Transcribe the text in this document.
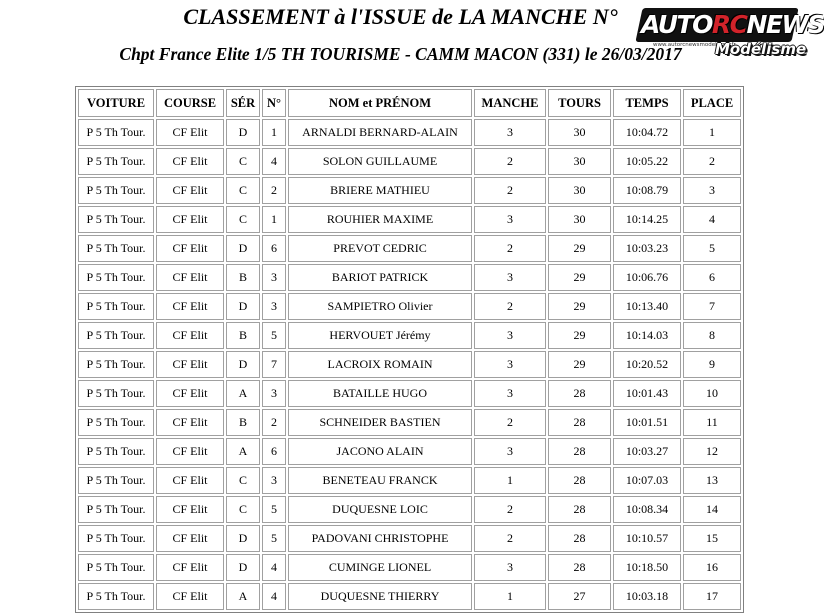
CLASSEMENT à l'ISSUE de LA MANCHE N°
Chpt France Elite 1/5 TH TOURISME - CAMM MACON (331) le 26/03/2017
AUTORCNEWS
www.autorcnewsmodelisme.fr
Modélisme
VOITURE	COURSE	SÉR	N°	NOM et PRÉNOM	MANCHE	TOURS	TEMPS	PLACE
P 5 Th Tour.	CF Elit	D	1	ARNALDI BERNARD-ALAIN	3	30	10:04.72	1
P 5 Th Tour.	CF Elit	C	4	SOLON GUILLAUME	2	30	10:05.22	2
P 5 Th Tour.	CF Elit	C	2	BRIERE MATHIEU	2	30	10:08.79	3
P 5 Th Tour.	CF Elit	C	1	ROUHIER MAXIME	3	30	10:14.25	4
P 5 Th Tour.	CF Elit	D	6	PREVOT CEDRIC	2	29	10:03.23	5
P 5 Th Tour.	CF Elit	B	3	BARIOT PATRICK	3	29	10:06.76	6
P 5 Th Tour.	CF Elit	D	3	SAMPIETRO Olivier	2	29	10:13.40	7
P 5 Th Tour.	CF Elit	B	5	HERVOUET Jérémy	3	29	10:14.03	8
P 5 Th Tour.	CF Elit	D	7	LACROIX ROMAIN	3	29	10:20.52	9
P 5 Th Tour.	CF Elit	A	3	BATAILLE HUGO	3	28	10:01.43	10
P 5 Th Tour.	CF Elit	B	2	SCHNEIDER BASTIEN	2	28	10:01.51	11
P 5 Th Tour.	CF Elit	A	6	JACONO ALAIN	3	28	10:03.27	12
P 5 Th Tour.	CF Elit	C	3	BENETEAU FRANCK	1	28	10:07.03	13
P 5 Th Tour.	CF Elit	C	5	DUQUESNE LOIC	2	28	10:08.34	14
P 5 Th Tour.	CF Elit	D	5	PADOVANI CHRISTOPHE	2	28	10:10.57	15
P 5 Th Tour.	CF Elit	D	4	CUMINGE LIONEL	3	28	10:18.50	16
P 5 Th Tour.	CF Elit	A	4	DUQUESNE THIERRY	1	27	10:03.18	17
